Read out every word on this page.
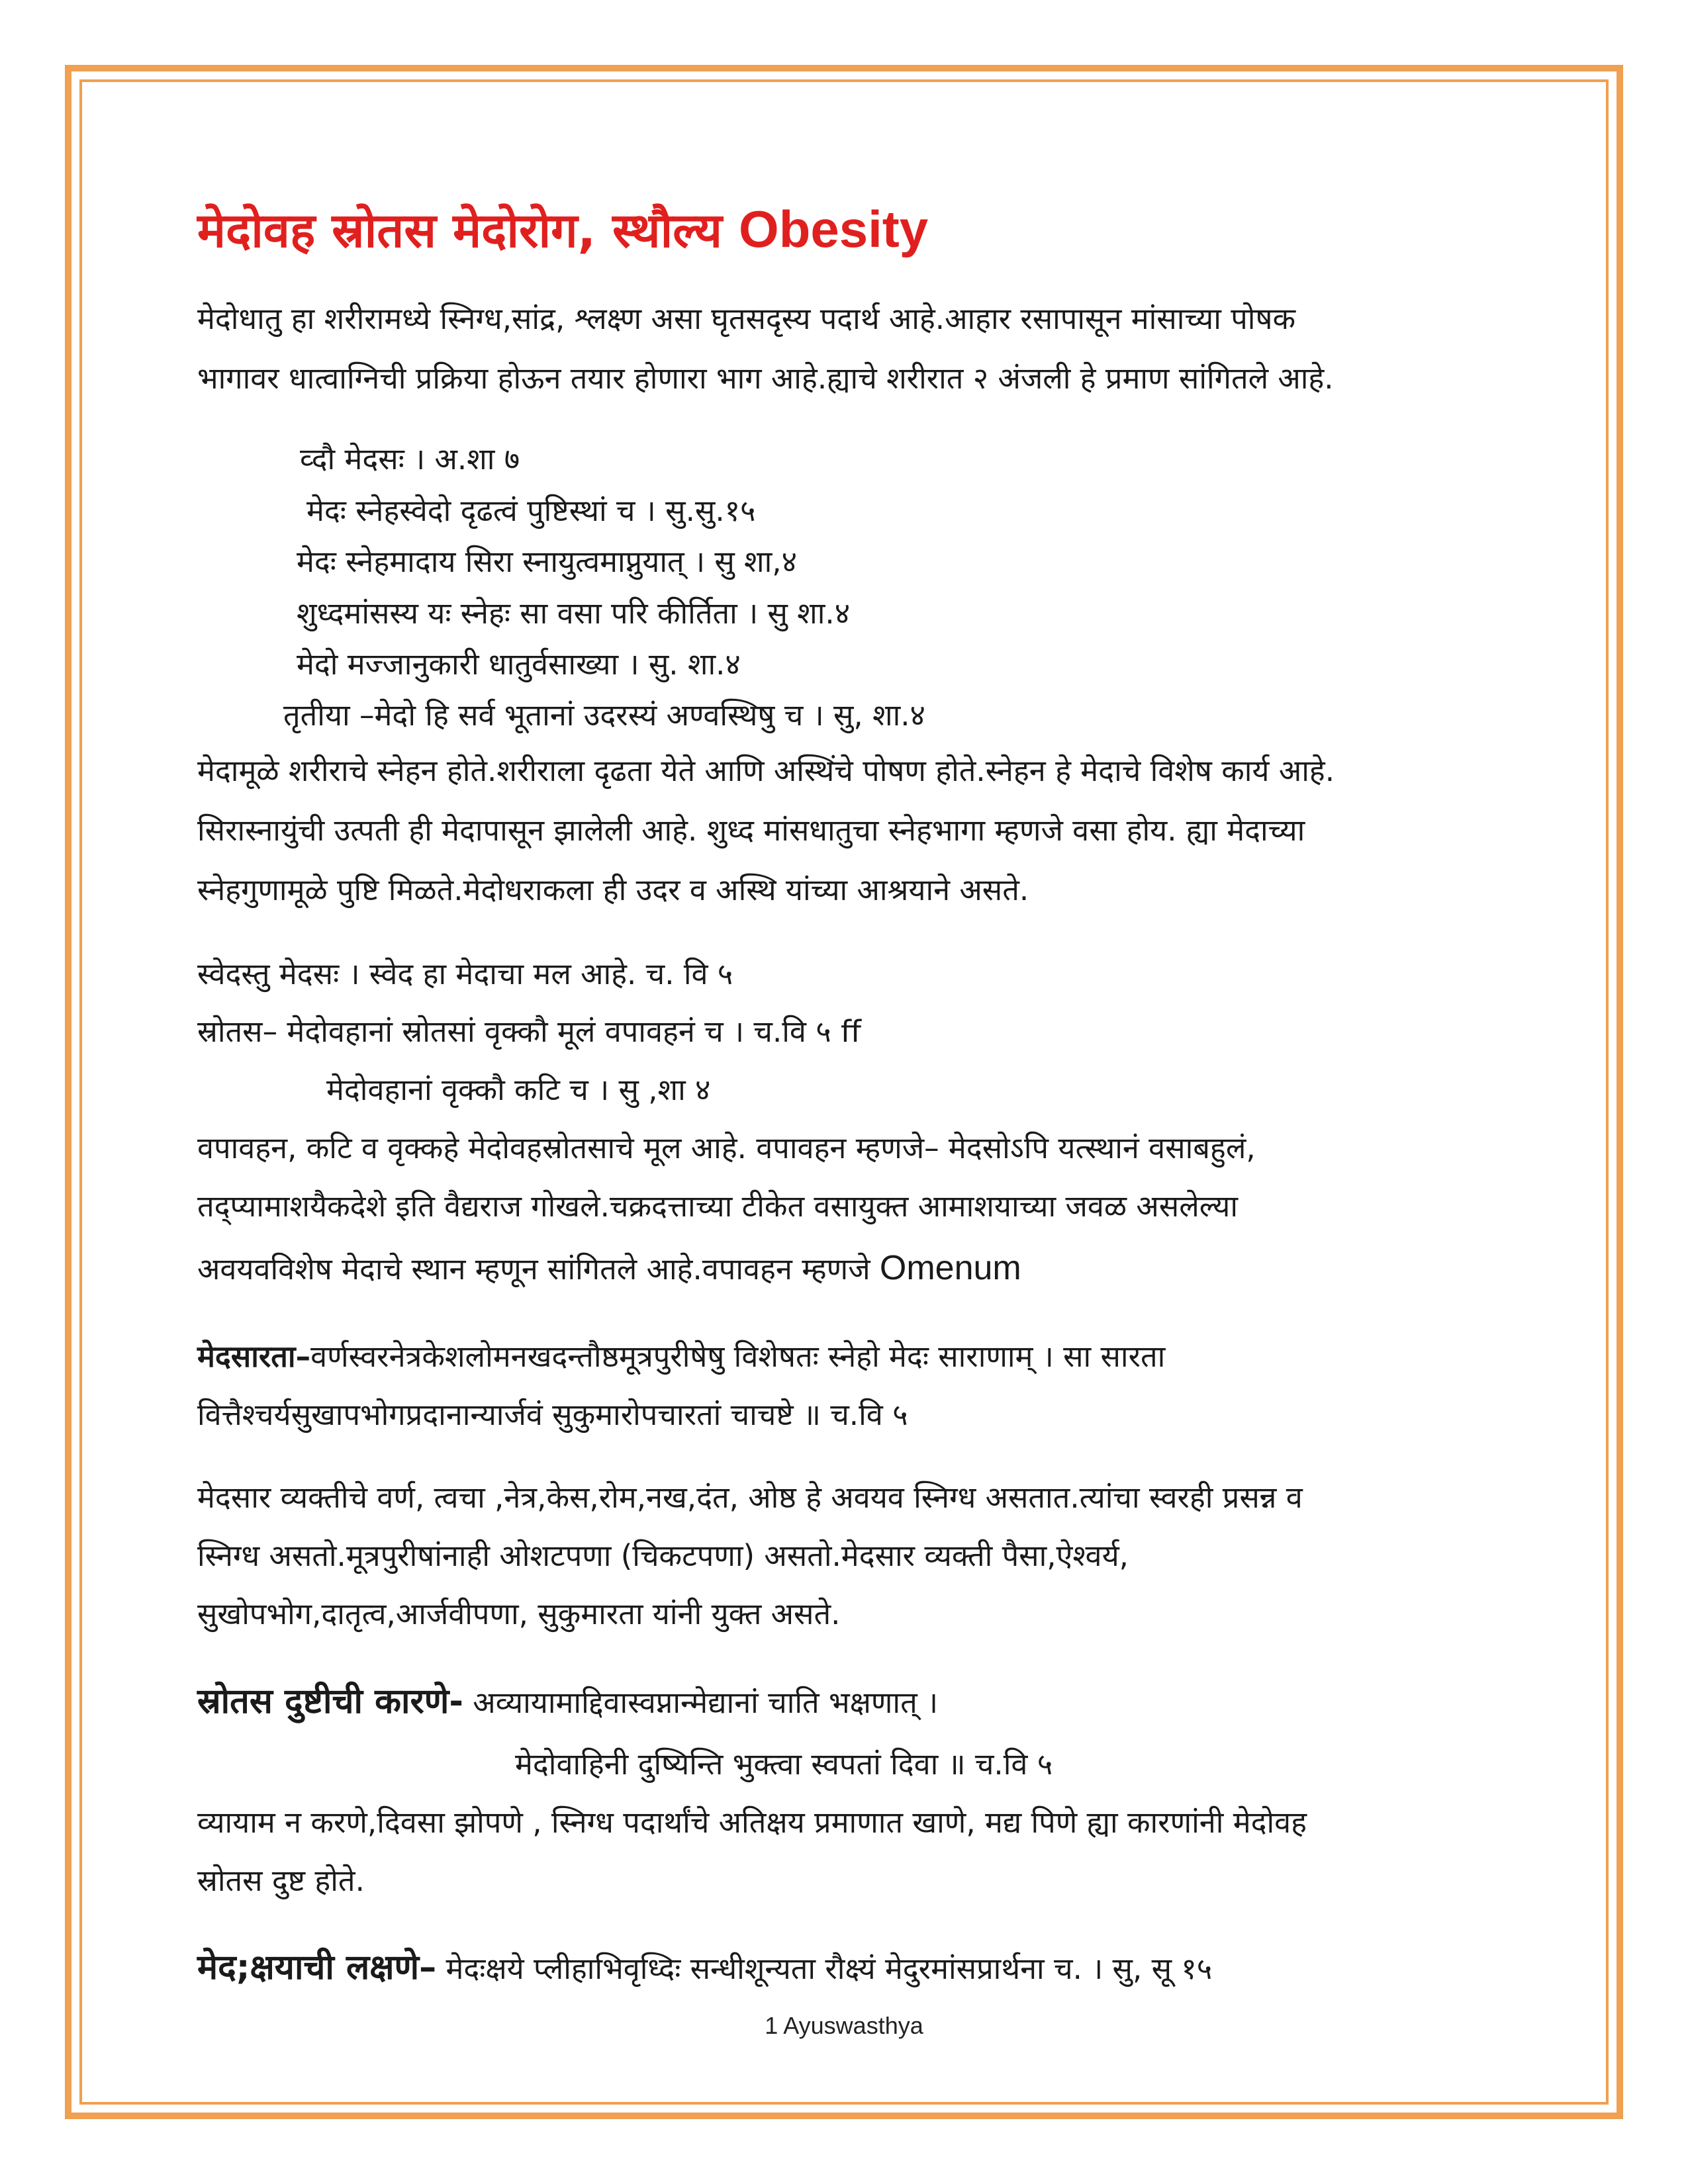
मेदोवह स्रोतस मेदोरोग, स्थौल्य Obesity

मेदोधातु हा शरीरामध्ये स्निग्ध,सांद्र, श्लक्ष्ण असा घृतसदृस्य पदार्थ आहे.आहार रसापासून मांसाच्या पोषक

भागावर धात्वाग्निची प्रक्रिया होऊन तयार होणारा भाग आहे.ह्याचे शरीरात २ अंजली हे प्रमाण सांगितले आहे.

व्दौ मेदसः । अ.शा ७

मेदः स्नेहस्वेदो दृढत्वं पुष्टिस्थां च । सु.सु.१५

मेदः स्नेहमादाय सिरा स्नायुत्वमाप्नुयात् । सु शा,४

शुध्दमांसस्य यः स्नेहः सा वसा परि कीर्तिता । सु शा.४

मेदो मज्जानुकारी धातुर्वसाख्या । सु. शा.४

तृतीया –मेदो हि सर्व भूतानां उदरस्यं अण्वस्थिषु च । सु, शा.४

मेदामूळे शरीराचे स्नेहन होते.शरीराला दृढता येते आणि अस्थिंचे पोषण होते.स्नेहन हे मेदाचे विशेष कार्य आहे.

सिरास्नायुंची उत्पती ही मेदापासून झालेली आहे. शुध्द मांसधातुचा स्नेहभागा म्हणजे वसा होय. ह्या मेदाच्या

स्नेहगुणामूळे पुष्टि मिळते.मेदोधराकला ही उदर व अस्थि यांच्या आश्रयाने असते.

स्वेदस्तु मेदसः । स्वेद हा मेदाचा मल आहे. च. वि ५

स्रोतस– मेदोवहानां स्रोतसां वृक्कौ मूलं वपावहनं च । च.वि ५ ff

मेदोवहानां वृक्कौ कटि च । सु ,शा ४

वपावहन, कटि व वृक्कहे मेदोवहस्रोतसाचे मूल आहे. वपावहन म्हणजे– मेदसोऽपि यत्स्थानं वसाबहुलं,

तद्प्यामाशयैकदेशे इति वैद्यराज गोखले.चक्रदत्ताच्या टीकेत वसायुक्त आमाशयाच्या जवळ असलेल्या

अवयवविशेष मेदाचे स्थान म्हणून सांगितले आहे.वपावहन म्हणजे Omenum

मेदसारता–वर्णस्वरनेत्रकेशलोमनखदन्तौष्ठमूत्रपुरीषेषु विशेषतः स्नेहो मेदः साराणाम् । सा सारता

वित्तैश्चर्यसुखापभोगप्रदानान्यार्जवं सुकुमारोपचारतां चाचष्टे ॥ च.वि ५

मेदसार व्यक्तीचे वर्ण, त्वचा ,नेत्र,केस,रोम,नख,दंत, ओष्ठ हे अवयव स्निग्ध असतात.त्यांचा स्वरही प्रसन्न व

स्निग्ध असतो.मूत्रपुरीषांनाही ओशटपणा (चिकटपणा) असतो.मेदसार व्यक्ती पैसा,ऐश्वर्य,

सुखोपभोग,दातृत्व,आर्जवीपणा, सुकुमारता यांनी युक्त असते.

स्रोतस दुष्टीची कारणे- अव्यायामाद्दिवास्वप्नान्मेद्यानां चाति भक्षणात् ।

मेदोवाहिनी दुष्यिन्ति भुक्त्वा स्वपतां दिवा ॥ च.वि ५

व्यायाम न करणे,दिवसा झोपणे , स्निग्ध पदार्थांचे अतिक्षय प्रमाणात खाणे, मद्य पिणे ह्या कारणांनी मेदोवह

स्रोतस दुष्ट होते.

मेद;क्षयाची लक्षणे– मेदःक्षये प्लीहाभिवृध्दिः सन्धीशून्यता रौक्ष्यं मेदुरमांसप्रार्थना च. । सु, सू १५

1 Ayuswasthya
